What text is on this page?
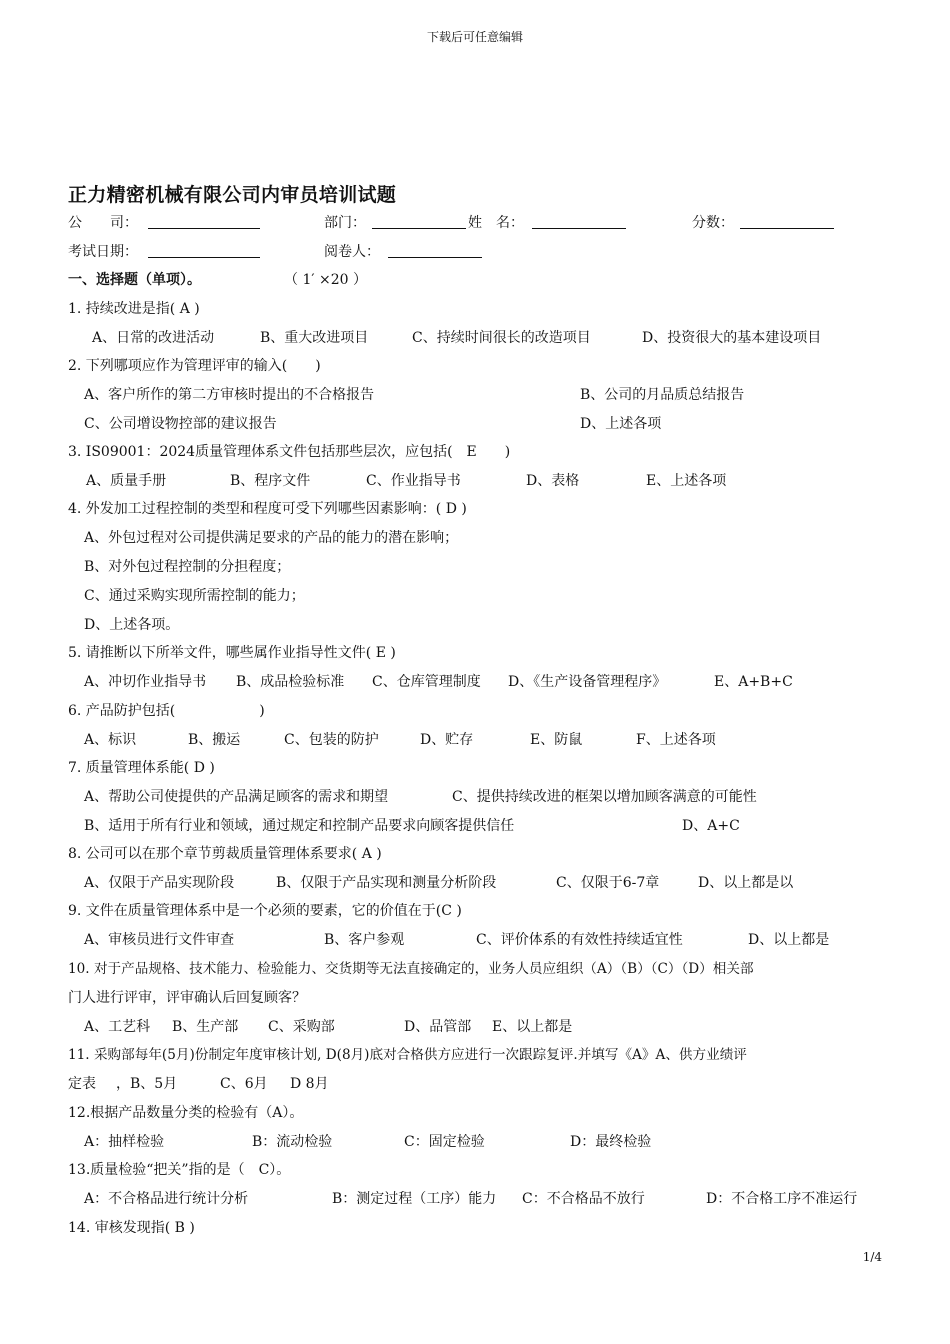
下载后可任意编辑
正力精密机械有限公司内审员培训试题
公　　司：	部门：	姓　名：	分数：
考试日期：	阅卷人：
一、选择题（单项）。	（ 1′ ×20 ）
1. 持续改进是指( A )
A、日常的改进活动	B、重大改进项目	C、持续时间很长的改造项目	D、投资很大的基本建设项目
2. 下列哪项应作为管理评审的输入(　　)
A、客户所作的第二方审核时提出的不合格报告	B、公司的月品质总结报告
C、公司增设物控部的建议报告	D、上述各项
3. IS09001：2024质量管理体系文件包括那些层次，应包括(　E　　)
A、质量手册	B、程序文件	C、作业指导书	D、表格	E、上述各项
4. 外发加工过程控制的类型和程度可受下列哪些因素影响：( D )
A、外包过程对公司提供满足要求的产品的能力的潜在影响；
B、对外包过程控制的分担程度；
C、通过采购实现所需控制的能力；
D、上述各项。
5. 请推断以下所举文件，哪些属作业指导性文件( E )
A、冲切作业指导书 B、成品检验标准 C、仓库管理制度 D、《生产设备管理程序》	E、A+B+C
6. 产品防护包括(　　　　　　)
A、标识	B、搬运	C、包装的防护	D、贮存	E、防鼠	F、上述各项
7. 质量管理体系能( D )
A、帮助公司使提供的产品满足顾客的需求和期望	C、提供持续改进的框架以增加顾客满意的可能性
B、适用于所有行业和领域，通过规定和控制产品要求向顾客提供信任	D、A+C
8. 公司可以在那个章节剪裁质量管理体系要求( A )
A、仅限于产品实现阶段	B、仅限于产品实现和测量分析阶段	C、仅限于6-7章	D、以上都是以
9. 文件在质量管理体系中是一个必须的要素，它的价值在于(C )
A、审核员进行文件审查	B、客户参观	C、评价体系的有效性持续适宜性	D、以上都是
10. 对于产品规格、技术能力、检验能力、交货期等无法直接确定的，业务人员应组织（A）（B）（C）（D）相关部
门人进行评审，评审确认后回复顾客？
A、工艺科 B、生产部 C、采购部	D、品管部 E、以上都是
11. 采购部每年(5月)份制定年度审核计划, D(8月)底对合格供方应进行一次跟踪复评.并填写《A》A、供方业绩评
定表 ，B、5月	C、6月 D 8月
12.根据产品数量分类的检验有（A）。
A：抽样检验	B：流动检验	C：固定检验	D：最终检验
13.质量检验“把关”指的是（　C）。
A：不合格品进行统计分析	B：测定过程（工序）能力 C：不合格品不放行	D：不合格工序不准运行
14. 审核发现指( B )
1/4
